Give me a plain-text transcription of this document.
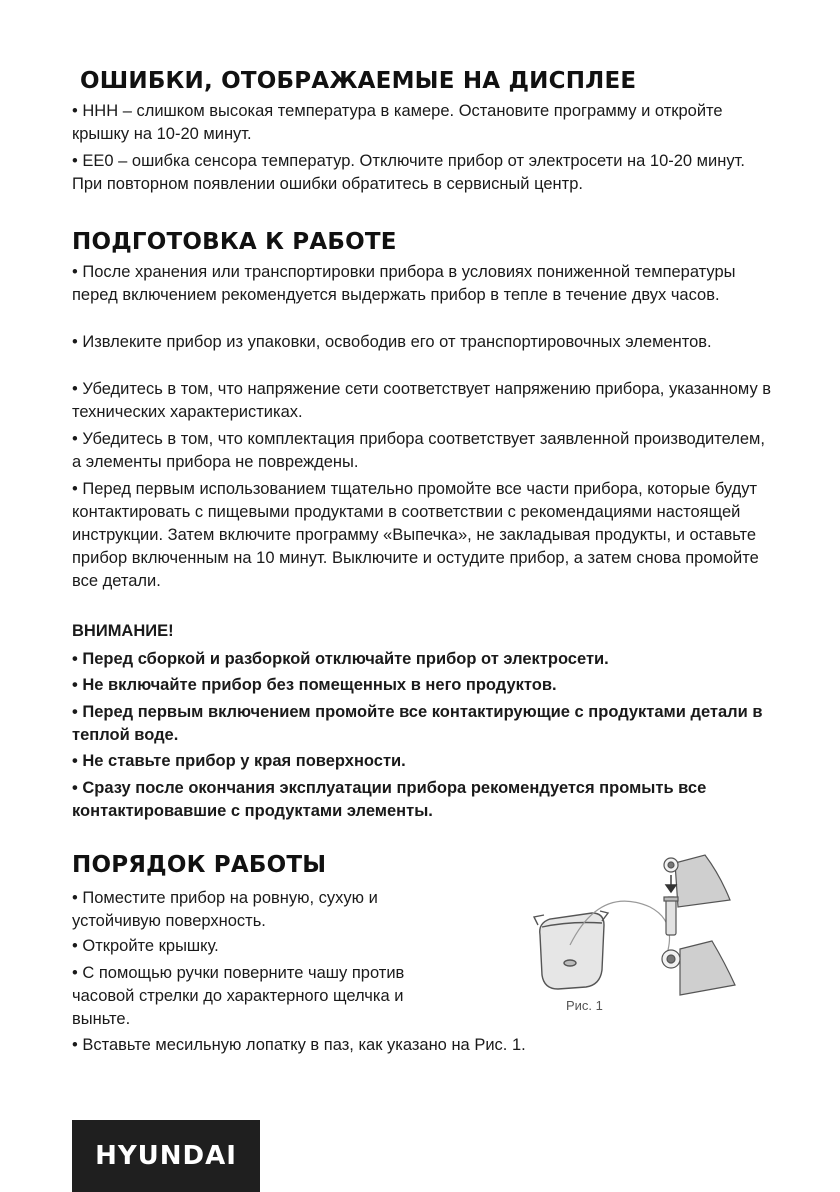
ОШИБКИ, ОТОБРАЖАЕМЫЕ НА ДИСПЛЕЕ

• ННН – слишком высокая температура в камере. Остановите программу и откройте крышку на 10-20 минут.

• ЕЕ0 – ошибка сенсора температур. Отключите прибор от электросети на 10-20 минут. При повторном появлении ошибки обратитесь в сервисный центр.

ПОДГОТОВКА К РАБОТЕ

• После хранения или транспортировки прибора в условиях пониженной температуры перед включением рекомендуется выдержать прибор в тепле в течение двух часов.

• Извлеките прибор из упаковки, освободив его от транспортировочных элементов.

• Убедитесь в том, что напряжение сети соответствует напряжению прибора, указанному в технических характеристиках.

• Убедитесь в том, что комплектация прибора соответствует заявленной производителем, а элементы прибора не повреждены.

• Перед первым использованием тщательно промойте все части прибора, которые будут контактировать с пищевыми продуктами в соответствии с рекомендациями настоящей инструкции. Затем включите программу «Выпечка», не закладывая продукты, и оставьте прибор включенным на 10 минут. Выключите и остудите прибор, а затем снова промойте все детали.

ВНИМАНИЕ!

• Перед сборкой и разборкой отключайте прибор от электросети.

• Не включайте прибор без помещенных в него продуктов.

• Перед первым включением промойте все контактирующие с продуктами детали в теплой воде.

• Не ставьте прибор у края поверхности.

• Сразу после окончания эксплуатации прибора рекомендуется промыть все контактировавшие с продуктами элементы.

ПОРЯДОК РАБОТЫ

• Поместите прибор на ровную, сухую и устойчивую поверхность.

• Откройте крышку.

• С помощью ручки поверните чашу против часовой стрелки до характерного щелчка и выньте.

• Вставьте месильную лопатку в паз, как указано на Рис. 1.

Рис. 1

HYUNDAI
